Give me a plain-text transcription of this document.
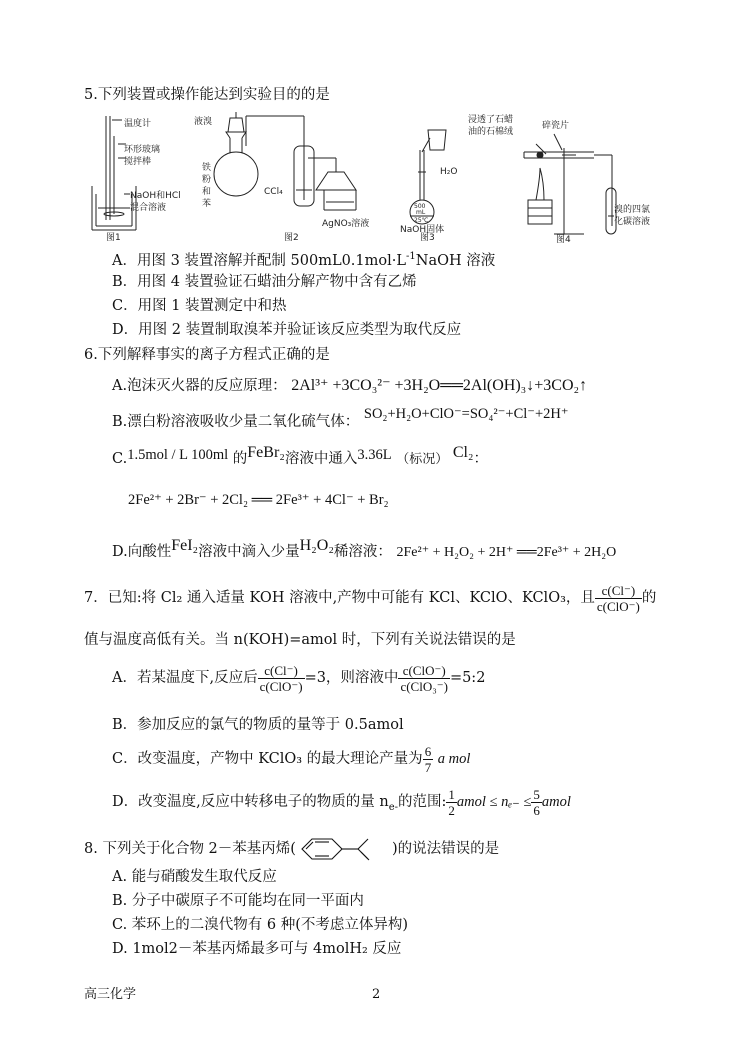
5.下列装置或操作能达到实验目的的是
温度计
环形玻璃
搅拌棒
NaOH和HCl
混合溶液
图1
液溴
铁
粉
和
苯
CCl₄
AgNO₃溶液
图2
H₂O
500
mL
25℃
NaOH固体
图3
浸透了石蜡
油的石棉绒
碎瓷片
溴的四氯
化碳溶液
图4
A．用图 3 装置溶解并配制 $500mL0.1mol\cdot L^{-1}NaOH$ 溶液
B．用图 4 装置验证石蜡油分解产物中含有乙烯
C．用图 1 装置测定中和热
D．用图 2 装置制取溴苯并验证该反应类型为取代反应
6.下列解释事实的离子方程式正确的是
A.泡沫灭火器的反应原理： 2Al³⁺ +3CO₃²⁻ +3H₂O══2Al(OH)₃↓+3CO₂↑
B.漂白粉溶液吸收少量二氧化硫气体： SO₂+H₂O+ClO⁻=SO₄²⁻+Cl⁻+2H⁺
C.1.5mol / L 100ml 的FeBr₂溶液中通入3.36L （标况） Cl₂：
2Fe²⁺ + 2Br⁻ + 2Cl₂ ══ 2Fe³⁺ + 4Cl⁻ + Br₂
D.向酸性FeI₂溶液中滴入少量H₂O₂稀溶液： 2Fe²⁺ + H₂O₂ + 2H⁺ ══2Fe³⁺ + 2H₂O
7．已知:将 Cl₂ 通入适量 KOH 溶液中,产物中可能有 KCl、KClO、KClO₃，且 $\frac{c(Cl^-)}{\text{c(ClO⁻)}}$ 的
值与温度高低有关。当 n(KOH)=amol 时，下列有关说法错误的是
A．若某温度下,反应后 $\frac{c(Cl^-)}{\text{c(ClO⁻)}} =3$，则溶液中 $\frac{\text{c(ClO⁻)}}{\text{c(ClO₃⁻)}}$ =5:2
B．参加反应的氯气的物质的量等于 0.5amol
C．改变温度，产物中 KClO₃ 的最大理论产量为 $\frac{6}{7}$ a mol
D．改变温度,反应中转移电子的物质的量 $n_{e-}$的范围: $\frac{1}{2}$ amol ≤ $n_{e-} \le \frac{5}{6}$ amol
8. 下列关于化合物 2－苯基丙烯(	)的说法错误的是
A. 能与硝酸发生取代反应
B. 分子中碳原子不可能均在同一平面内
C. 苯环上的二溴代物有 6 种(不考虑立体异构)
D. 1mol2－苯基丙烯最多可与 4molH₂ 反应
高三化学	2
